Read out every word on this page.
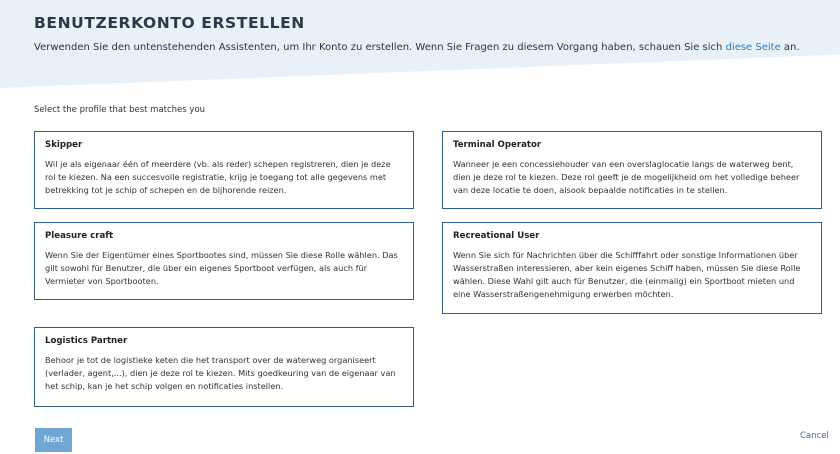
BENUTZERKONTO ERSTELLEN

Verwenden Sie den untenstehenden Assistenten, um Ihr Konto zu erstellen. Wenn Sie Fragen zu diesem Vorgang haben, schauen Sie sich diese Seite an.

Select the profile that best matches you
Skipper
Wil je als eigenaar één of meerdere (vb. als reder) schepen registreren, dien je deze rol te kiezen. Na een succesvolle registratie, krijg je toegang tot alle gegevens met betrekking tot je schip of schepen en de bijhorende reizen.
Terminal Operator
Wanneer je een concessiehouder van een overslaglocatie langs de waterweg bent, dien je deze rol te kiezen. Deze rol geeft je de mogelijkheid om het volledige beheer van deze locatie te doen, alsook bepaalde notificaties in te stellen.
Pleasure craft
Wenn Sie der Eigentümer eines Sportbootes sind, müssen Sie diese Rolle wählen. Das gilt sowohl für Benutzer, die über ein eigenes Sportboot verfügen, als auch für Vermieter von Sportbooten.
Recreational User
Wenn Sie sich für Nachrichten über die Schifffahrt oder sonstige Informationen über Wasserstraßen interessieren, aber kein eigenes Schiff haben, müssen Sie diese Rolle wählen. Diese Wahl gilt auch für Benutzer, die (einmalig) ein Sportboot mieten und eine Wasserstraßengenehmigung erwerben möchten.
Logistics Partner
Behoor je tot de logistieke keten die het transport over de waterweg organiseert (verlader, agent,...), dien je deze rol te kiezen. Mits goedkeuring van de eigenaar van het schip, kan je het schip volgen en notificaties instellen.
Next	Cancel
